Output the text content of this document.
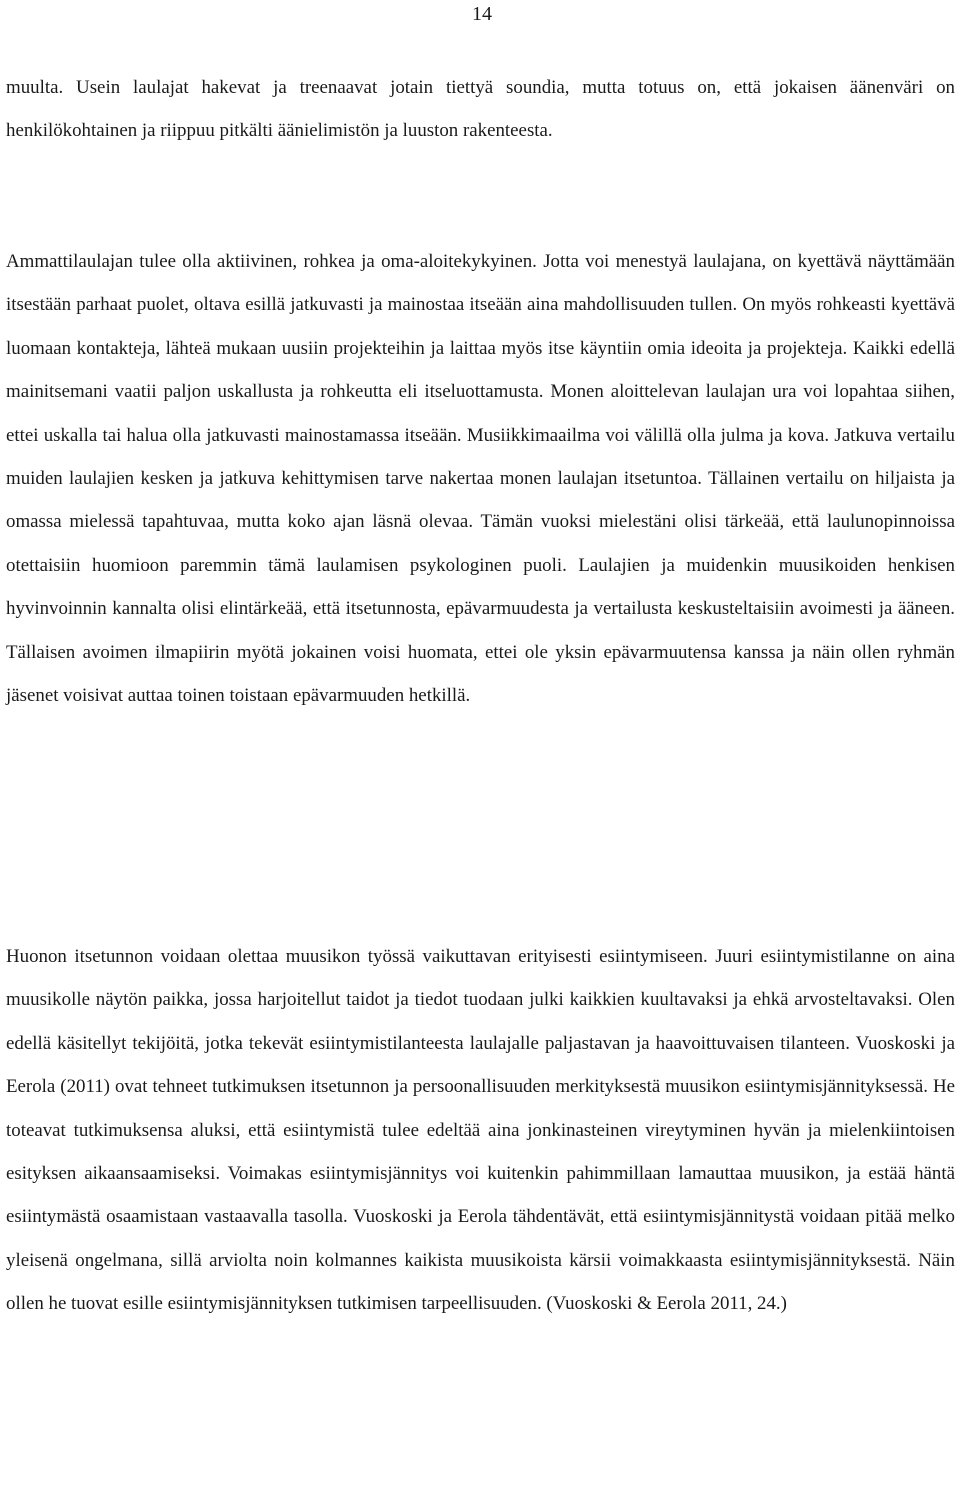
14

muulta. Usein laulajat hakevat ja treenaavat jotain tiettyä soundia, mutta totuus on, että jokaisen äänenväri on henkilökohtainen ja riippuu pitkälti äänielimistön ja luuston rakenteesta.

Ammattilaulajan tulee olla aktiivinen, rohkea ja oma-aloitekykyinen. Jotta voi menestyä laulajana, on kyettävä näyttämään itsestään parhaat puolet, oltava esillä jatkuvasti ja mainostaa itseään aina mahdollisuuden tullen. On myös rohkeasti kyettävä luomaan kontakteja, lähteä mukaan uusiin projekteihin ja laittaa myös itse käyntiin omia ideoita ja projekteja. Kaikki edellä mainitsemani vaatii paljon uskallusta ja rohkeutta eli itseluottamusta. Monen aloittelevan laulajan ura voi lopahtaa siihen, ettei uskalla tai halua olla jatkuvasti mainostamassa itseään. Musiikkimaailma voi välillä olla julma ja kova. Jatkuva vertailu muiden laulajien kesken ja jatkuva kehittymisen tarve nakertaa monen laulajan itsetuntoa. Tällainen vertailu on hiljaista ja omassa mielessä tapahtuvaa, mutta koko ajan läsnä olevaa. Tämän vuoksi mielestäni olisi tärkeää, että laulunopinnoissa otettaisiin huomioon paremmin tämä laulamisen psykologinen puoli. Laulajien ja muidenkin muusikoiden henkisen hyvinvoinnin kannalta olisi elintärkeää, että itsetunnosta, epävarmuudesta ja vertailusta keskusteltaisiin avoimesti ja ääneen. Tällaisen avoimen ilmapiirin myötä jokainen voisi huomata, ettei ole yksin epävarmuutensa kanssa ja näin ollen ryhmän jäsenet voisivat auttaa toinen toistaan epävarmuuden hetkillä.

Huonon itsetunnon voidaan olettaa muusikon työssä vaikuttavan erityisesti esiintymiseen. Juuri esiintymistilanne on aina muusikolle näytön paikka, jossa harjoitellut taidot ja tiedot tuodaan julki kaikkien kuultavaksi ja ehkä arvosteltavaksi. Olen edellä käsitellyt tekijöitä, jotka tekevät esiintymistilanteesta laulajalle paljastavan ja haavoittuvaisen tilanteen. Vuoskoski ja Eerola (2011) ovat tehneet tutkimuksen itsetunnon ja persoonallisuuden merkityksestä muusikon esiintymisjännityksessä. He toteavat tutkimuksensa aluksi, että esiintymistä tulee edeltää aina jonkinasteinen vireytyminen hyvän ja mielenkiintoisen esityksen aikaansaamiseksi. Voimakas esiintymisjännitys voi kuitenkin pahimmillaan lamauttaa muusikon, ja estää häntä esiintymästä osaamistaan vastaavalla tasolla. Vuoskoski ja Eerola tähdentävät, että esiintymisjännitystä voidaan pitää melko yleisenä ongelmana, sillä arviolta noin kolmannes kaikista muusikoista kärsii voimakkaasta esiintymisjännityksestä. Näin ollen he tuovat esille esiintymisjännityksen tutkimisen tarpeellisuuden. (Vuoskoski & Eerola 2011, 24.)
